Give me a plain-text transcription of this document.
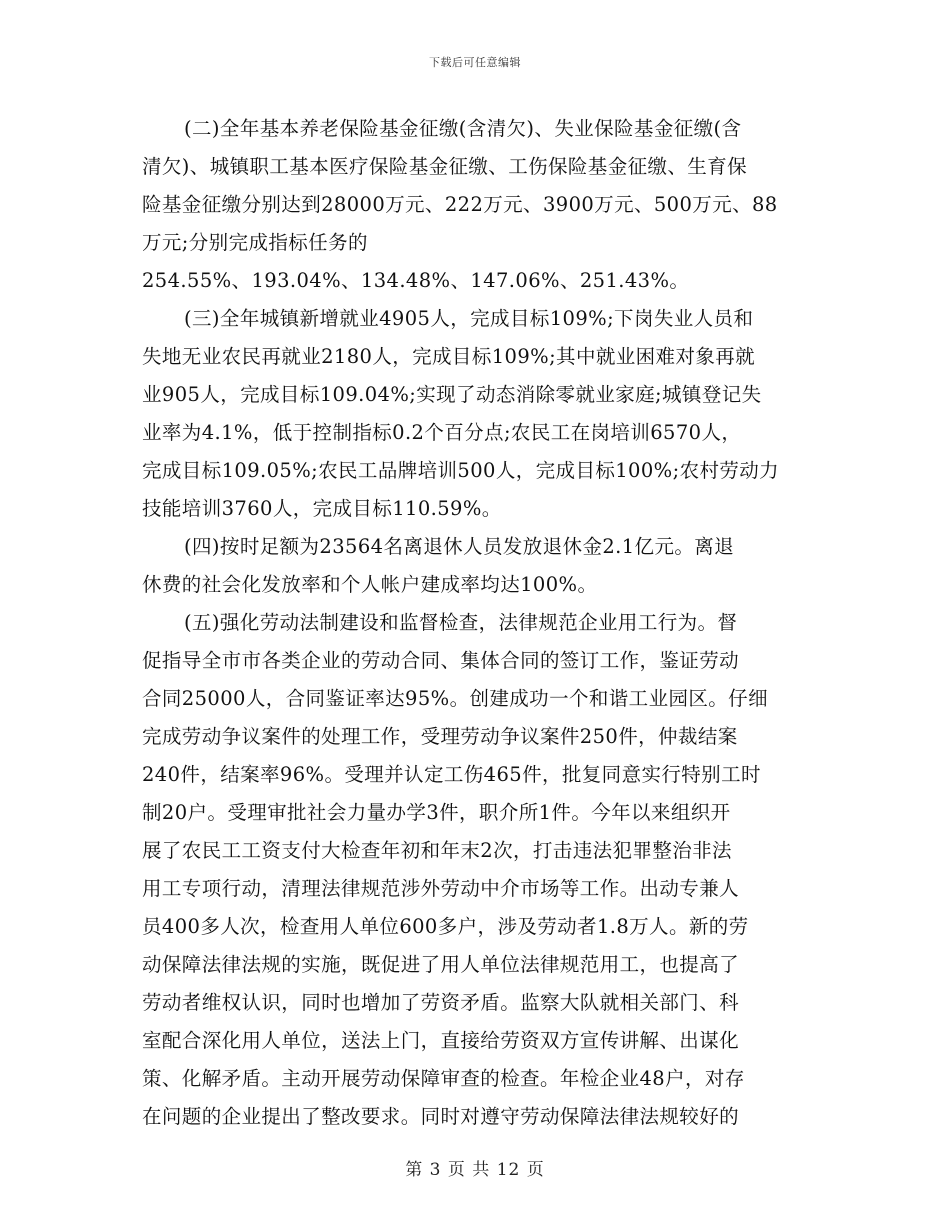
下载后可任意编辑
(二)全年基本养老保险基金征缴(含清欠)、失业保险基金征缴(含
清欠)、城镇职工基本医疗保险基金征缴、工伤保险基金征缴、生育保
险基金征缴分别达到28000万元、222万元、3900万元、500万元、88
万元;分别完成指标任务的
254.55%、193.04%、134.48%、147.06%、251.43%。
(三)全年城镇新增就业4905人，完成目标109%;下岗失业人员和
失地无业农民再就业2180人，完成目标109%;其中就业困难对象再就
业905人，完成目标109.04%;实现了动态消除零就业家庭;城镇登记失
业率为4.1%，低于控制指标0.2个百分点;农民工在岗培训6570人，
完成目标109.05%;农民工品牌培训500人，完成目标100%;农村劳动力
技能培训3760人，完成目标110.59%。
(四)按时足额为23564名离退休人员发放退休金2.1亿元。离退
休费的社会化发放率和个人帐户建成率均达100%。
(五)强化劳动法制建设和监督检查，法律规范企业用工行为。督
促指导全市市各类企业的劳动合同、集体合同的签订工作，鉴证劳动
合同25000人，合同鉴证率达95%。创建成功一个和谐工业园区。仔细
完成劳动争议案件的处理工作，受理劳动争议案件250件，仲裁结案
240件，结案率96%。受理并认定工伤465件，批复同意实行特别工时
制20户。受理审批社会力量办学3件，职介所1件。今年以来组织开
展了农民工工资支付大检查年初和年末2次，打击违法犯罪整治非法
用工专项行动，清理法律规范涉外劳动中介市场等工作。出动专兼人
员400多人次，检查用人单位600多户，涉及劳动者1.8万人。新的劳
动保障法律法规的实施，既促进了用人单位法律规范用工，也提高了
劳动者维权认识，同时也增加了劳资矛盾。监察大队就相关部门、科
室配合深化用人单位，送法上门，直接给劳资双方宣传讲解、出谋化
策、化解矛盾。主动开展劳动保障审查的检查。年检企业48户，对存
在问题的企业提出了整改要求。同时对遵守劳动保障法律法规较好的
第 3 页 共 12 页
